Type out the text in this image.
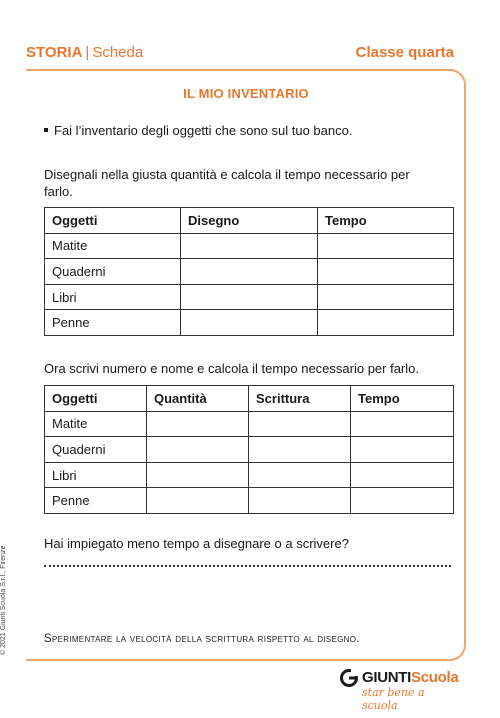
STORIA | Scheda	Classe quarta
IL MIO INVENTARIO
Fai l’inventario degli oggetti che sono sul tuo banco.
Disegnali nella giusta quantità e calcola il tempo necessario per farlo.
Oggetti	Disegno	Tempo
Matite		
Quaderni		
Libri		
Penne		
Ora scrivi numero e nome e calcola il tempo necessario per farlo.
Oggetti	Quantità	Scrittura	Tempo
Matite			
Quaderni			
Libri			
Penne			
Hai impiegato meno tempo a disegnare o a scrivere?
Sperimentare la velocità della scrittura rispetto al disegno.
© 2021 Giunti Scuola S.r.l., Firenze
GIUNTIScuola
star bene a scuola
